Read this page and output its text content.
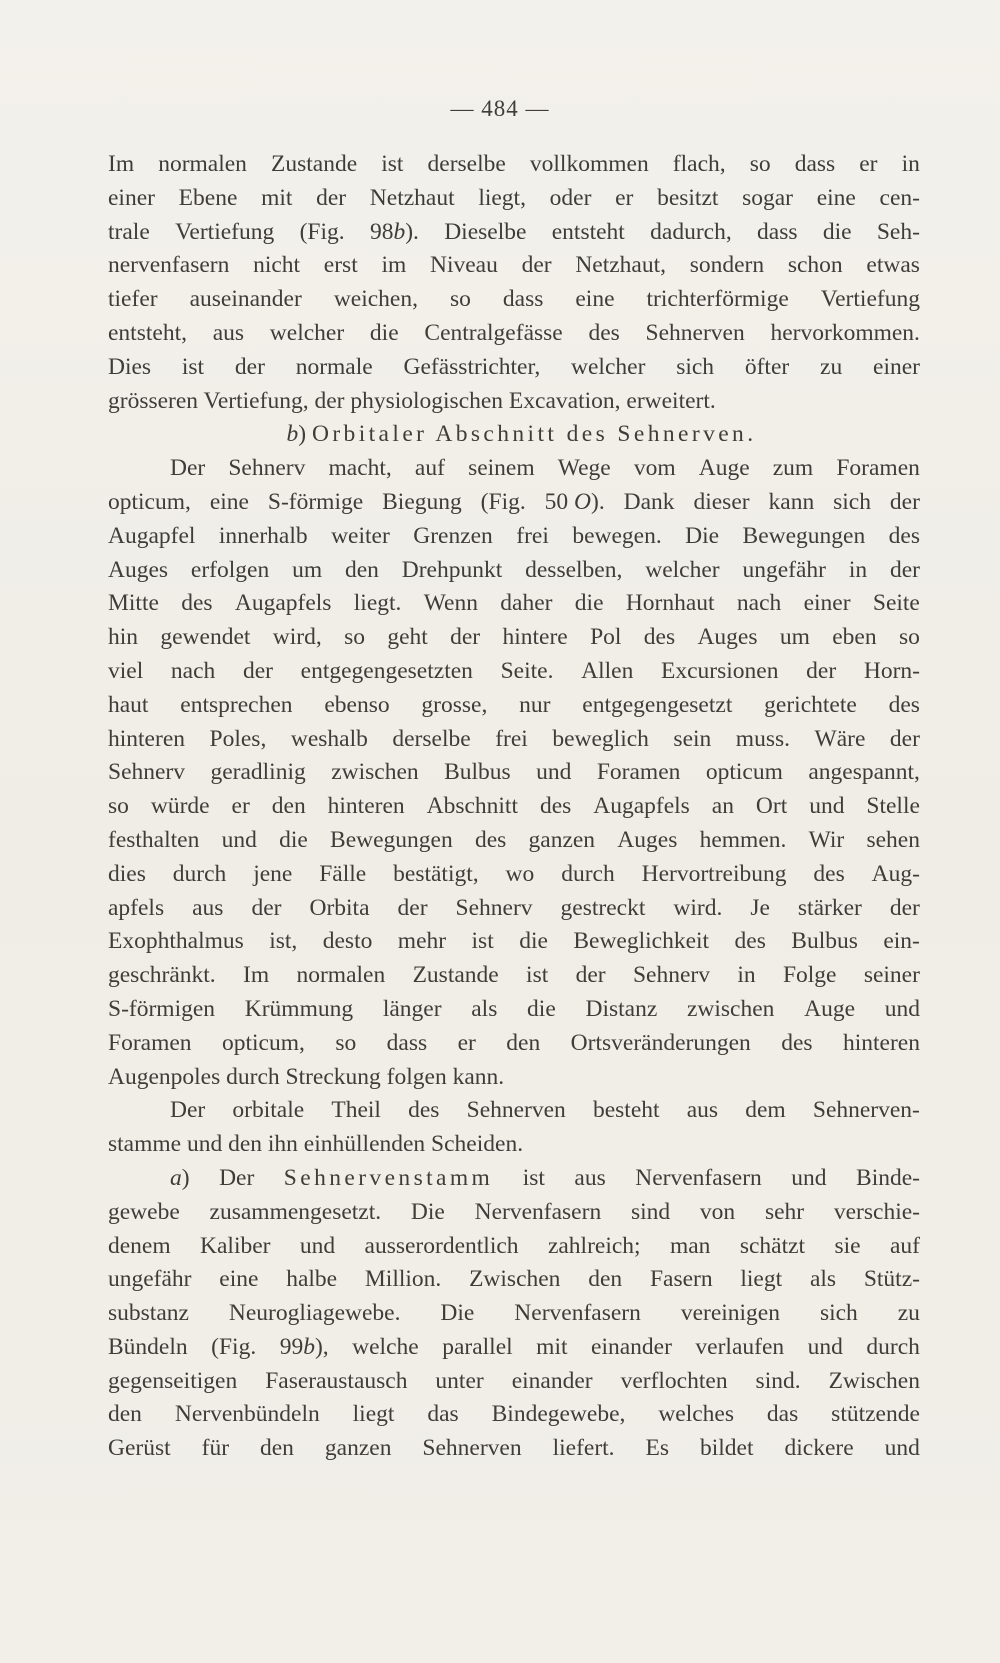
— 484 —
Im normalen Zustande ist derselbe vollkommen flach, so dass er in
einer Ebene mit der Netzhaut liegt, oder er besitzt sogar eine cen-
trale Vertiefung (Fig. 98b). Dieselbe entsteht dadurch, dass die Seh-
nervenfasern nicht erst im Niveau der Netzhaut, sondern schon etwas
tiefer auseinander weichen, so dass eine trichterförmige Vertiefung
entsteht, aus welcher die Centralgefässe des Sehnerven hervorkommen.
Dies ist der normale Gefässtrichter, welcher sich öfter zu einer
grösseren Vertiefung, der physiologischen Excavation, erweitert.
b) Orbitaler Abschnitt des Sehnerven.
Der Sehnerv macht, auf seinem Wege vom Auge zum Foramen
opticum, eine S-förmige Biegung (Fig. 50 O). Dank dieser kann sich der
Augapfel innerhalb weiter Grenzen frei bewegen. Die Bewegungen des
Auges erfolgen um den Drehpunkt desselben, welcher ungefähr in der
Mitte des Augapfels liegt. Wenn daher die Hornhaut nach einer Seite
hin gewendet wird, so geht der hintere Pol des Auges um eben so
viel nach der entgegengesetzten Seite. Allen Excursionen der Horn-
haut entsprechen ebenso grosse, nur entgegengesetzt gerichtete des
hinteren Poles, weshalb derselbe frei beweglich sein muss. Wäre der
Sehnerv geradlinig zwischen Bulbus und Foramen opticum angespannt,
so würde er den hinteren Abschnitt des Augapfels an Ort und Stelle
festhalten und die Bewegungen des ganzen Auges hemmen. Wir sehen
dies durch jene Fälle bestätigt, wo durch Hervortreibung des Aug-
apfels aus der Orbita der Sehnerv gestreckt wird. Je stärker der
Exophthalmus ist, desto mehr ist die Beweglichkeit des Bulbus ein-
geschränkt. Im normalen Zustande ist der Sehnerv in Folge seiner
S-förmigen Krümmung länger als die Distanz zwischen Auge und
Foramen opticum, so dass er den Ortsveränderungen des hinteren
Augenpoles durch Streckung folgen kann.
Der orbitale Theil des Sehnerven besteht aus dem Sehnerven-
stamme und den ihn einhüllenden Scheiden.
a) Der Sehnervenstamm ist aus Nervenfasern und Binde-
gewebe zusammengesetzt. Die Nervenfasern sind von sehr verschie-
denem Kaliber und ausserordentlich zahlreich; man schätzt sie auf
ungefähr eine halbe Million. Zwischen den Fasern liegt als Stütz-
substanz Neurogliagewebe. Die Nervenfasern vereinigen sich zu
Bündeln (Fig. 99b), welche parallel mit einander verlaufen und durch
gegenseitigen Faseraustausch unter einander verflochten sind. Zwischen
den Nervenbündeln liegt das Bindegewebe, welches das stützende
Gerüst für den ganzen Sehnerven liefert. Es bildet dickere und
